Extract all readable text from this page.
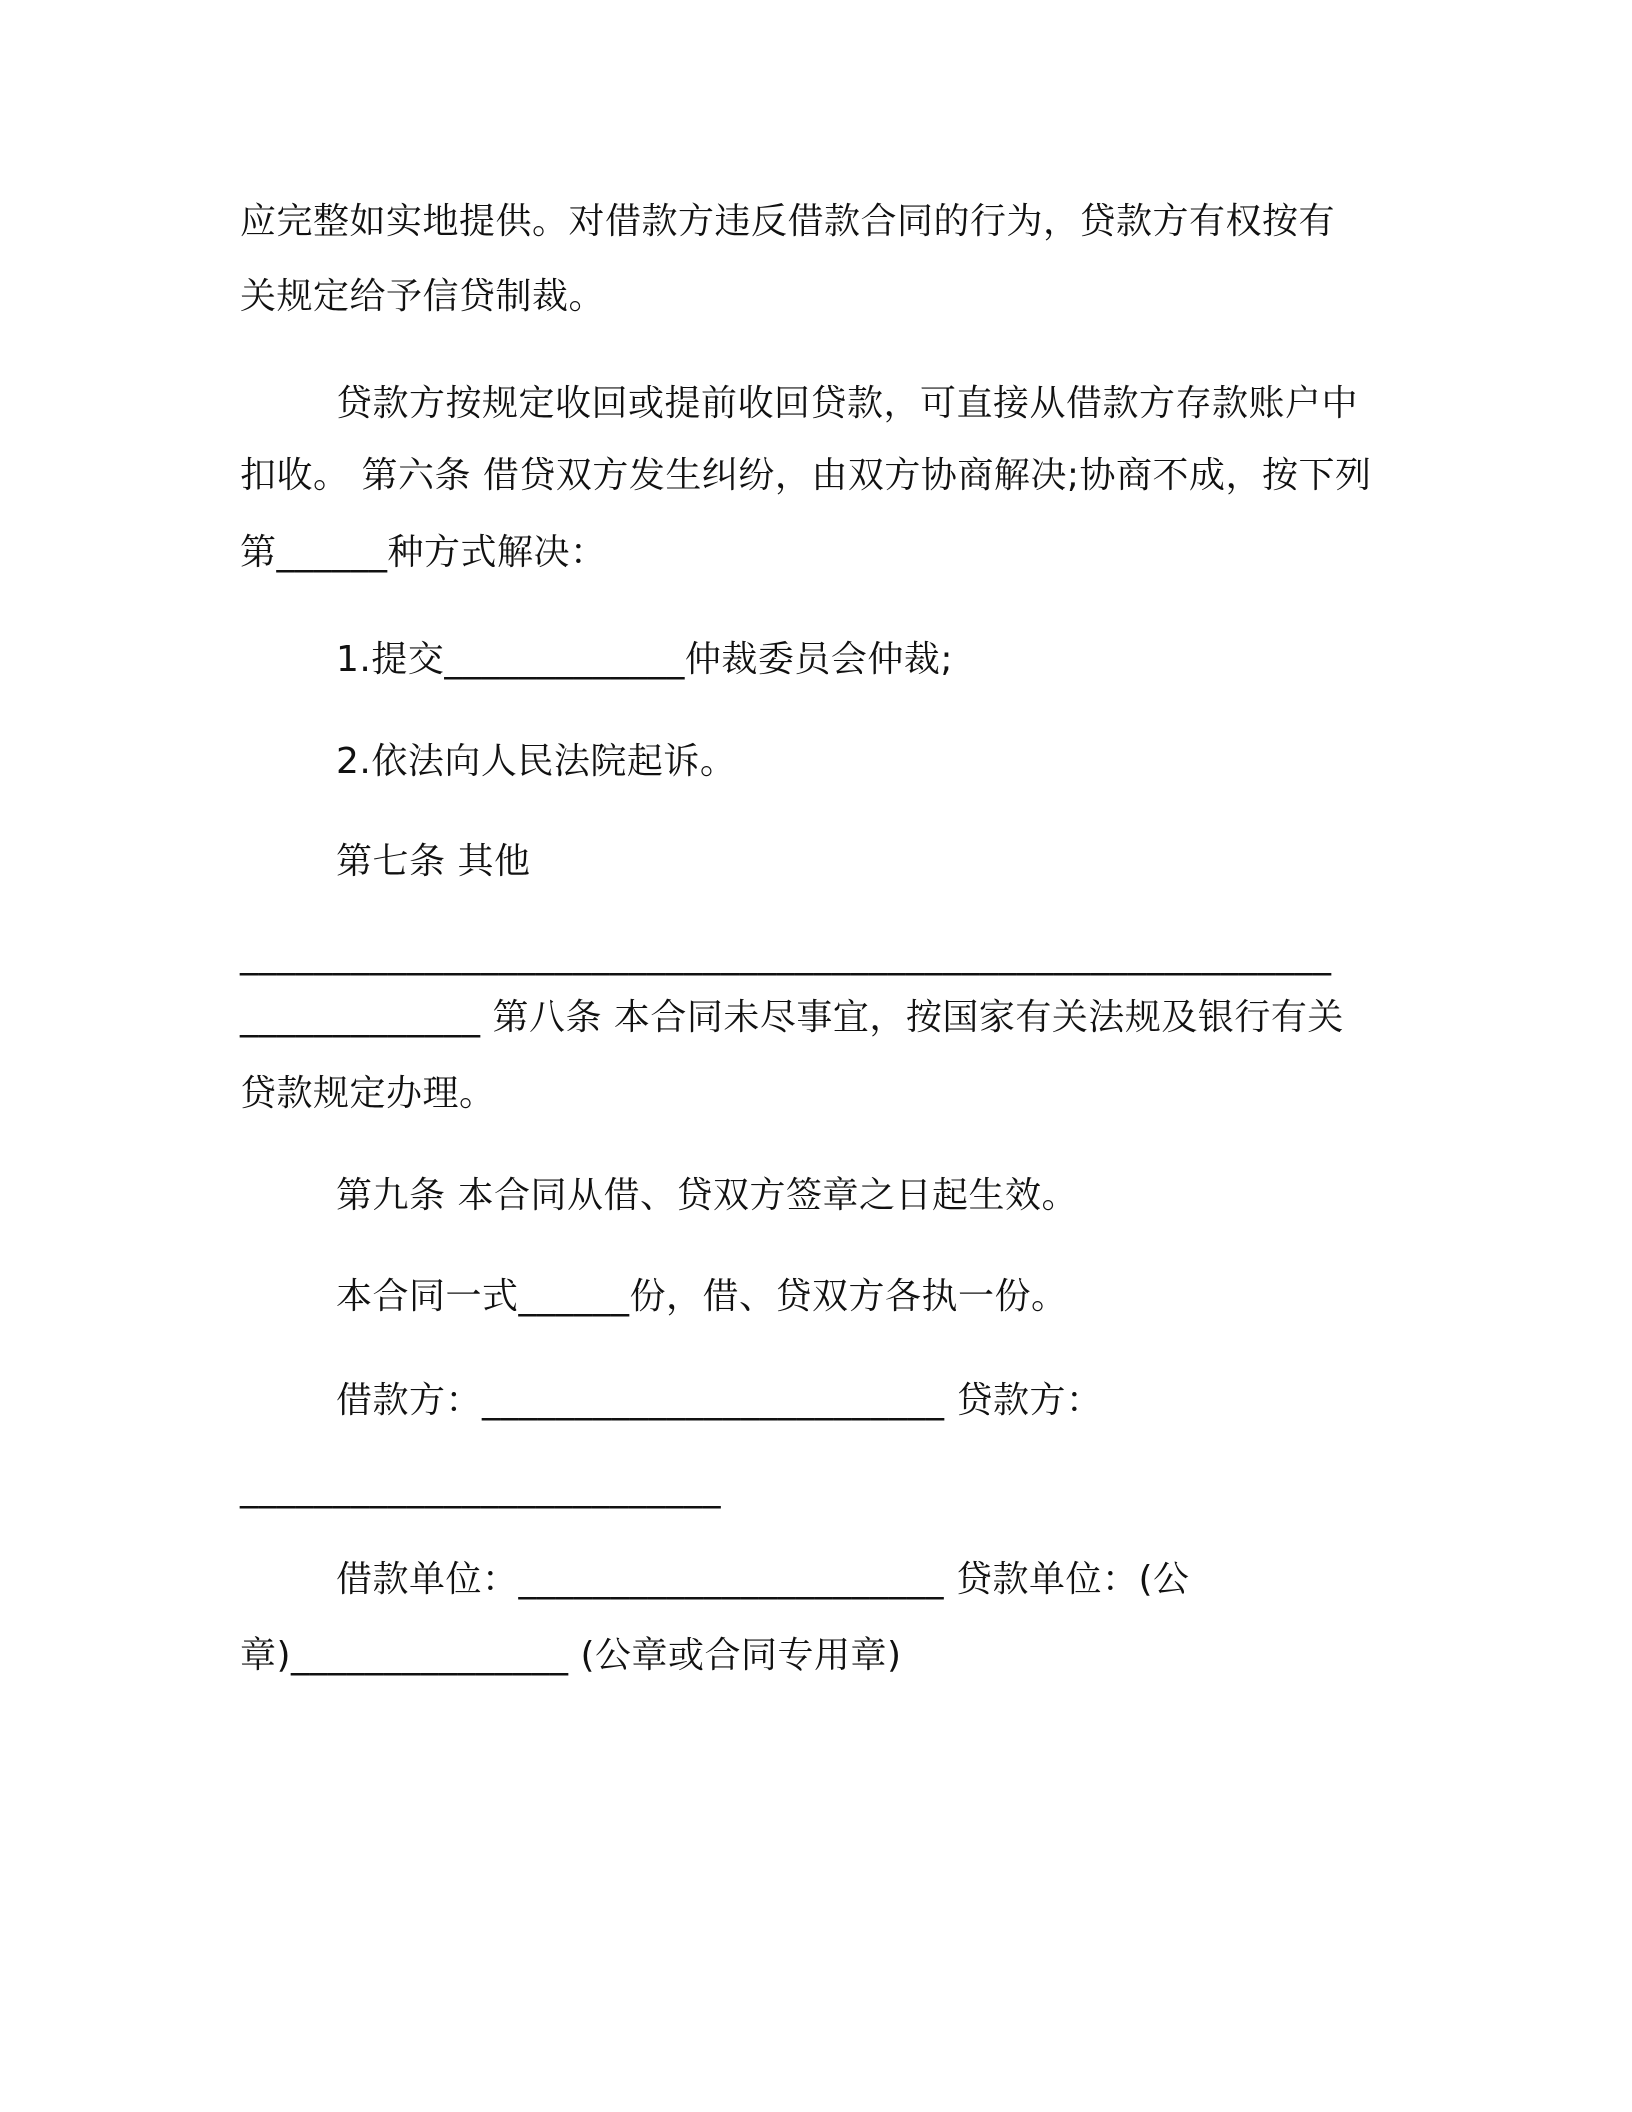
应完整如实地提供。对借款方违反借款合同的行为，贷款方有权按有
关规定给予信贷制裁。
贷款方按规定收回或提前收回贷款，可直接从借款方存款账户中
扣收。 第六条 借贷双方发生纠纷，由双方协商解决;协商不成，按下列
第______种方式解决：
1.提交_____________仲裁委员会仲裁;
2.依法向人民法院起诉。
第七条 其他
___________________________________________________________
_____________ 第八条 本合同未尽事宜，按国家有关法规及银行有关
贷款规定办理。
第九条 本合同从借、贷双方签章之日起生效。
本合同一式______份，借、贷双方各执一份。
借款方：_________________________ 贷款方：
__________________________
借款单位：_______________________ 贷款单位：(公
章)_______________ (公章或合同专用章)
